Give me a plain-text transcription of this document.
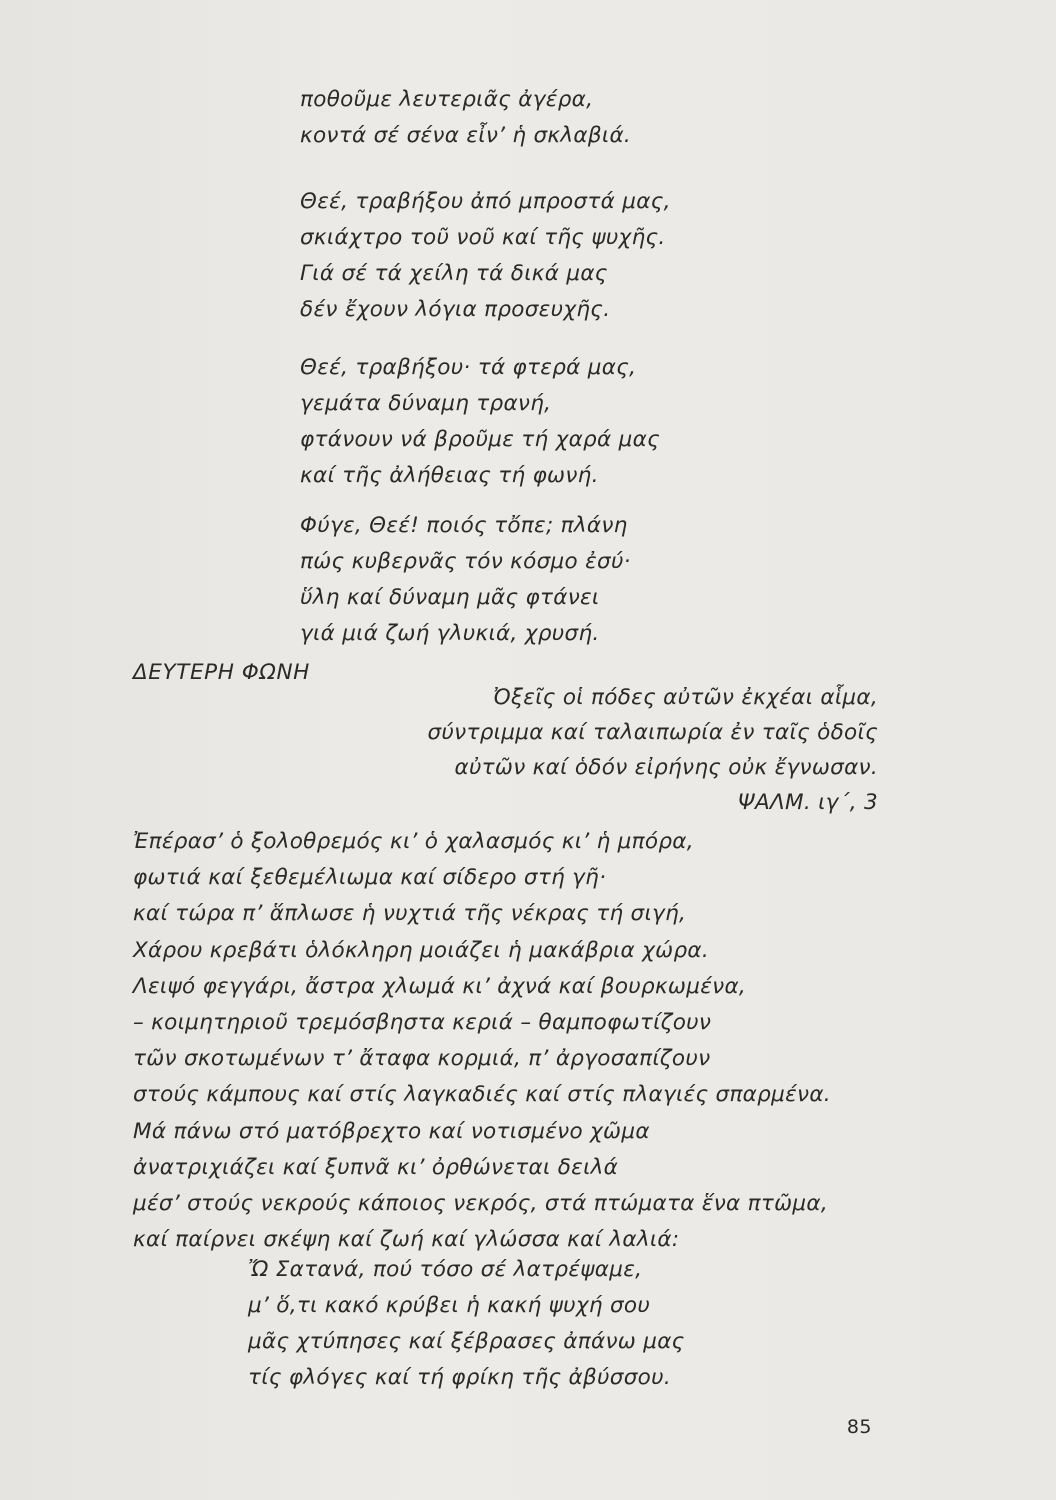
ποθοῦμε λευτεριᾶς ἀγέρα,
κοντά σέ σένα εἶν’ ἡ σκλαβιά.
Θεέ, τραβήξου ἀπό μπροστά μας,
σκιάχτρο τοῦ νοῦ καί τῆς ψυχῆς.
Γιά σέ τά χείλη τά δικά μας
δέν ἔχουν λόγια προσευχῆς.
Θεέ, τραβήξου· τά φτερά μας,
γεμάτα δύναμη τρανή,
φτάνουν νά βροῦμε τή χαρά μας
καί τῆς ἀλήθειας τή φωνή.
Φύγε, Θεέ! ποιός τὄπε; πλάνη
πώς κυβερνᾶς τόν κόσμο ἐσύ·
ὕλη καί δύναμη μᾶς φτάνει
γιά μιά ζωή γλυκιά, χρυσή.
ΔΕΥΤΕΡΗ ΦΩΝΗ
Ὀξεῖς οἱ πόδες αὐτῶν ἐκχέαι αἷμα,
σύντριμμα καί ταλαιπωρία ἐν ταῖς ὁδοῖς
αὐτῶν καί ὁδόν εἰρήνης οὐκ ἔγνωσαν.
ΨΑΛΜ. ιγ΄, 3
Ἐπέρασ’ ὁ ξολοθρεμός κι’ ὁ χαλασμός κι’ ἡ μπόρα,
φωτιά καί ξεθεμέλιωμα καί σίδερο στή γῆ·
καί τώρα π’ ἅπλωσε ἡ νυχτιά τῆς νέκρας τή σιγή,
Χάρου κρεβάτι ὁλόκληρη μοιάζει ἡ μακάβρια χώρα.
Λειψό φεγγάρι, ἄστρα χλωμά κι’ ἀχνά καί βουρκωμένα,
– κοιμητηριοῦ τρεμόσβηστα κεριά – θαμποφωτίζουν
τῶν σκοτωμένων τ’ ἄταφα κορμιά, π’ ἀργοσαπίζουν
στούς κάμπους καί στίς λαγκαδιές καί στίς πλαγιές σπαρμένα.
Μά πάνω στό ματόβρεχτο καί νοτισμένο χῶμα
ἀνατριχιάζει καί ξυπνᾶ κι’ ὀρθώνεται δειλά
μέσ’ στούς νεκρούς κάποιος νεκρός, στά πτώματα ἕνα πτῶμα,
καί παίρνει σκέψη καί ζωή καί γλώσσα καί λαλιά:
Ὤ Σατανά, πού τόσο σέ λατρέψαμε,
μ’ ὅ,τι κακό κρύβει ἡ κακή ψυχή σου
μᾶς χτύπησες καί ξέβρασες ἀπάνω μας
τίς φλόγες καί τή φρίκη τῆς ἀβύσσου.
85
